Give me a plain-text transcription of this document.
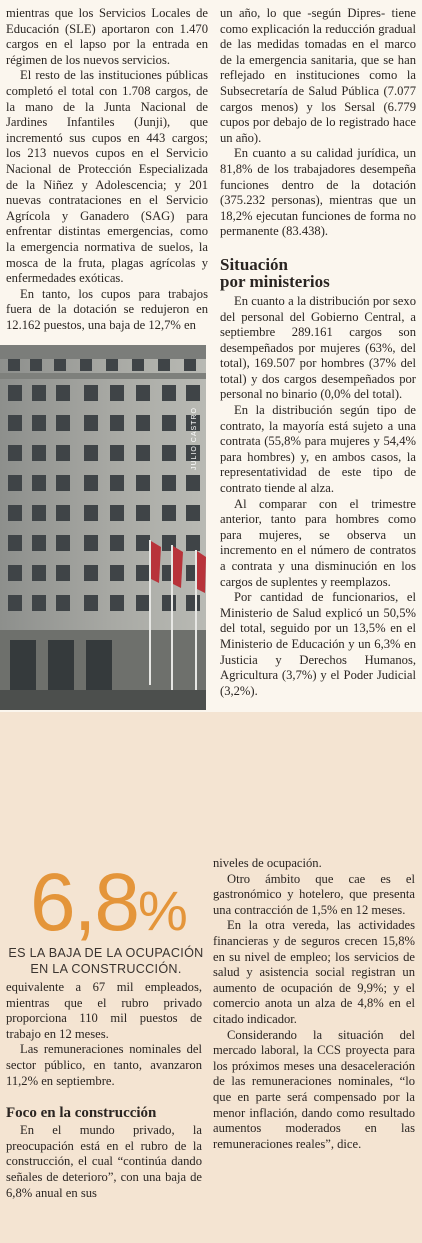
mientras que los Servicios Locales de Educación (SLE) aportaron con 1.470 cargos en el lapso por la entrada en régimen de los nuevos servicios.

El resto de las instituciones públicas completó el total con 1.708 cargos, de la mano de la Junta Nacional de Jardines Infantiles (Junji), que incrementó sus cupos en 443 cargos; los 213 nuevos cupos en el Servicio Nacional de Protección Especializada de la Niñez y Adolescencia; y 201 nuevas contrataciones en el Servicio Agrícola y Ganadero (SAG) para enfrentar distintas emergencias, como la emergencia normativa de suelos, la mosca de la fruta, plagas agrícolas y enfermedades exóticas.

En tanto, los cupos para trabajos fuera de la dotación se redujeron en 12.162 puestos, una baja de 12,7% en

JULIO CASTRO

un año, lo que -según Dipres- tiene como explicación la reducción gradual de las medidas tomadas en el marco de la emergencia sanitaria, que se han reflejado en instituciones como la Subsecretaría de Salud Pública (7.077 cargos menos) y los Sersal (6.779 cupos por debajo de lo registrado hace un año).

En cuanto a su calidad jurídica, un 81,8% de los trabajadores desempeña funciones dentro de la dotación (375.232 personas), mientras que un 18,2% ejecutan funciones de forma no permanente (83.438).

Situación
por ministerios

En cuanto a la distribución por sexo del personal del Gobierno Central, a septiembre 289.161 cargos son desempeñados por mujeres (63%, del total), 169.507 por hombres (37% del total) y dos cargos desempeñados por personal no binario (0,0% del total).

En la distribución según tipo de contrato, la mayoría está sujeto a una contrata (55,8% para mujeres y 54,4% para hombres) y, en ambos casos, la representatividad de este tipo de contrato tiende al alza.

Al comparar con el trimestre anterior, tanto para hombres como para mujeres, se observa un incremento en el número de contratos a contrata y una disminución en los cargos de suplentes y reemplazos.

Por cantidad de funcionarios, el Ministerio de Salud explicó un 50,5% del total, seguido por un 13,5% en el Ministerio de Educación y un 6,3% en Justicia y Derechos Humanos, Agricultura (3,7%) y el Poder Judicial (3,2%).

6,8%
ES LA BAJA DE LA OCUPACIÓN EN LA CONSTRUCCIÓN.

equivalente a 67 mil empleados, mientras que el rubro privado proporciona 110 mil puestos de trabajo en 12 meses.

Las remuneraciones nominales del sector público, en tanto, avanzaron 11,2% en septiembre.

Foco en la construcción

En el mundo privado, la preocupación está en el rubro de la construcción, el cual “continúa dando señales de deterioro”, con una baja de 6,8% anual en sus

niveles de ocupación.

Otro ámbito que cae es el gastronómico y hotelero, que presenta una contracción de 1,5% en 12 meses.

En la otra vereda, las actividades financieras y de seguros crecen 15,8% en su nivel de empleo; los servicios de salud y asistencia social registran un aumento de ocupación de 9,9%; y el comercio anota un alza de 4,8% en el citado indicador.

Considerando la situación del mercado laboral, la CCS proyecta para los próximos meses una desaceleración de las remuneraciones nominales, “lo que en parte será compensado por la menor inflación, dando como resultado aumentos moderados en las remuneraciones reales”, dice.
